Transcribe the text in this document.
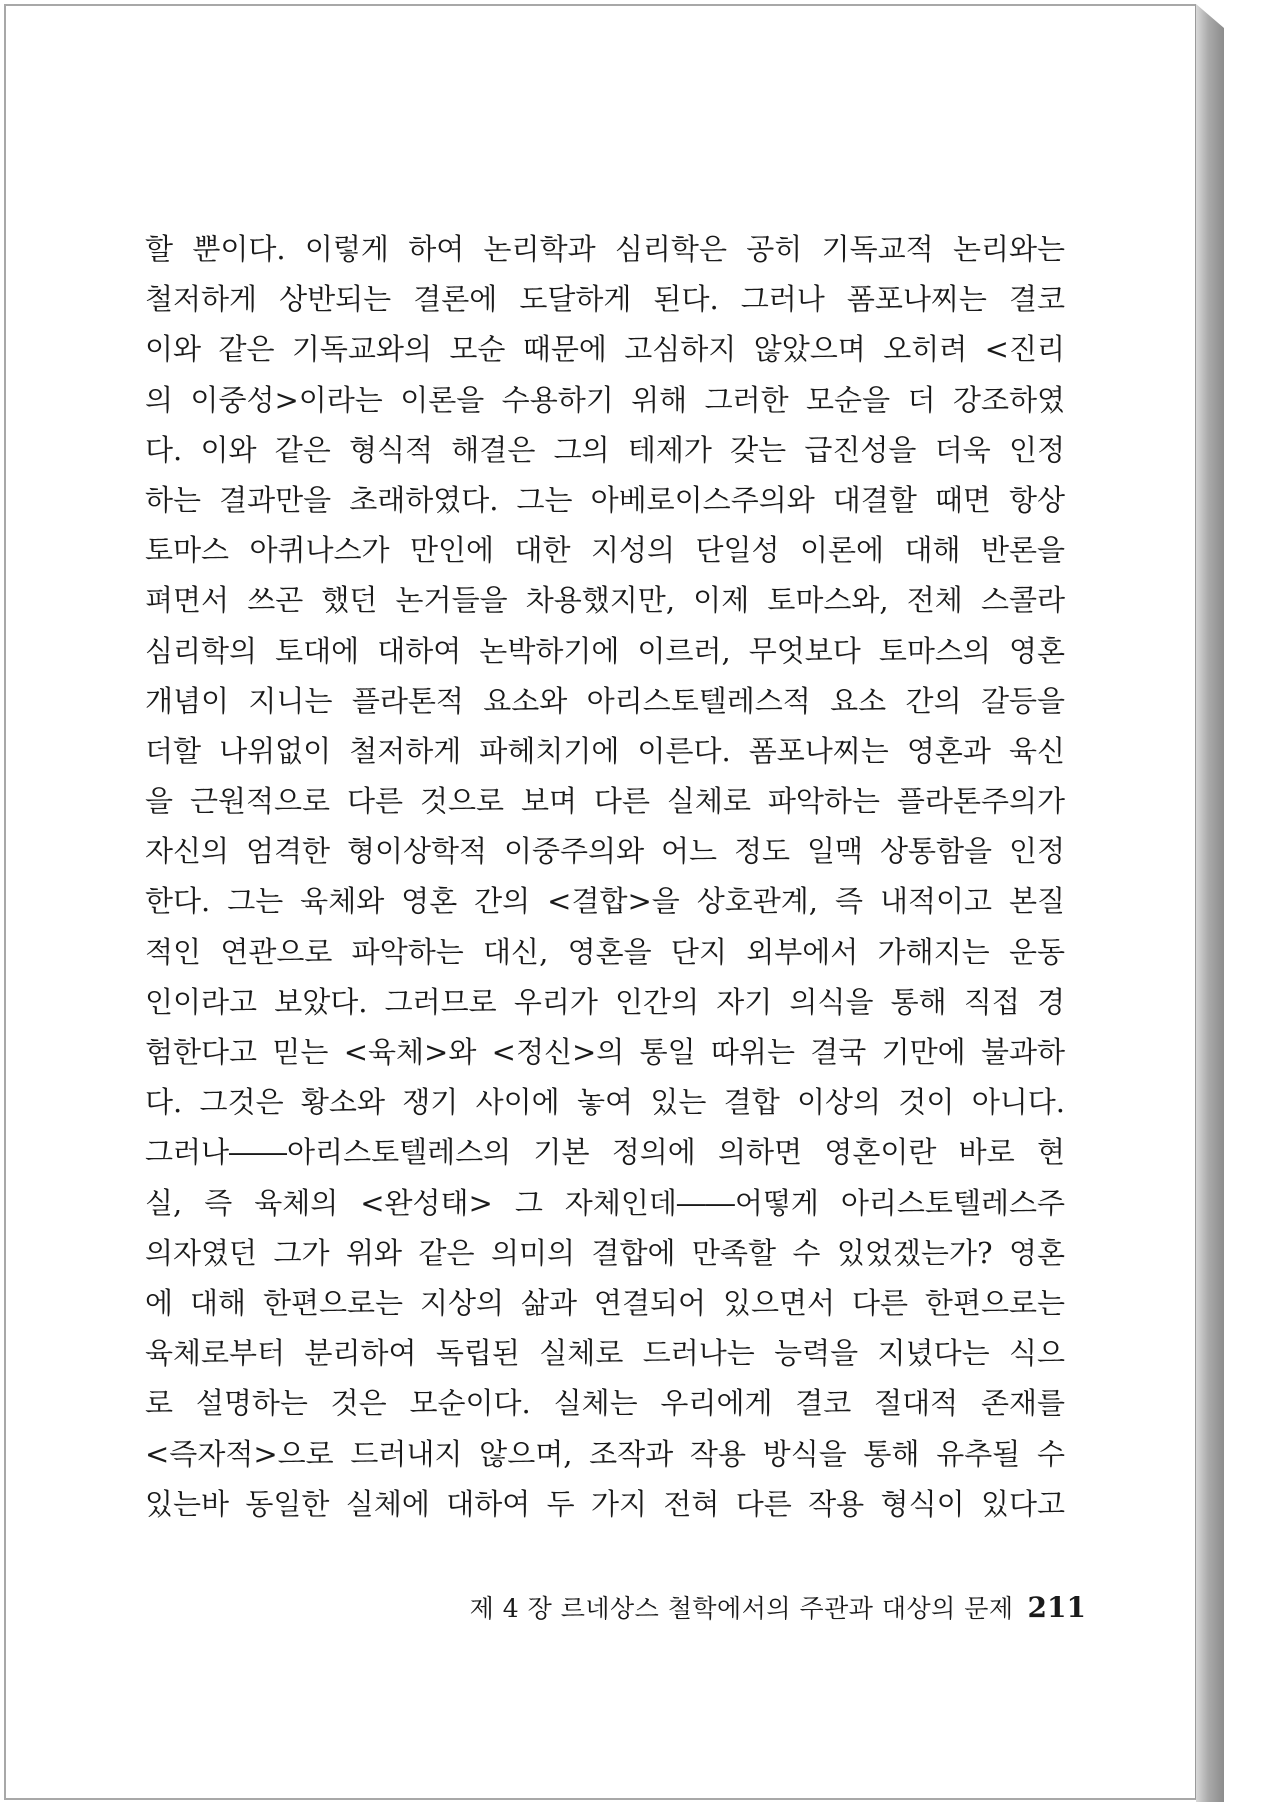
할 뿐이다. 이렇게 하여 논리학과 심리학은 공히 기독교적 논리와는
철저하게 상반되는 결론에 도달하게 된다. 그러나 폼포나찌는 결코
이와 같은 기독교와의 모순 때문에 고심하지 않았으며 오히려 <진리
의 이중성>이라는 이론을 수용하기 위해 그러한 모순을 더 강조하였
다. 이와 같은 형식적 해결은 그의 테제가 갖는 급진성을 더욱 인정
하는 결과만을 초래하였다. 그는 아베로이스주의와 대결할 때면 항상
토마스 아퀴나스가 만인에 대한 지성의 단일성 이론에 대해 반론을
펴면서 쓰곤 했던 논거들을 차용했지만, 이제 토마스와, 전체 스콜라
심리학의 토대에 대하여 논박하기에 이르러, 무엇보다 토마스의 영혼
개념이 지니는 플라톤적 요소와 아리스토텔레스적 요소 간의 갈등을
더할 나위없이 철저하게 파헤치기에 이른다. 폼포나찌는 영혼과 육신
을 근원적으로 다른 것으로 보며 다른 실체로 파악하는 플라톤주의가
자신의 엄격한 형이상학적 이중주의와 어느 정도 일맥 상통함을 인정
한다. 그는 육체와 영혼 간의 <결합>을 상호관계, 즉 내적이고 본질
적인 연관으로 파악하는 대신, 영혼을 단지 외부에서 가해지는 운동
인이라고 보았다. 그러므로 우리가 인간의 자기 의식을 통해 직접 경
험한다고 믿는 <육체>와 <정신>의 통일 따위는 결국 기만에 불과하
다. 그것은 황소와 쟁기 사이에 놓여 있는 결합 이상의 것이 아니다.
그러나――아리스토텔레스의 기본 정의에 의하면 영혼이란 바로 현
실, 즉 육체의 <완성태> 그 자체인데――어떻게 아리스토텔레스주
의자였던 그가 위와 같은 의미의 결합에 만족할 수 있었겠는가? 영혼
에 대해 한편으로는 지상의 삶과 연결되어 있으면서 다른 한편으로는
육체로부터 분리하여 독립된 실체로 드러나는 능력을 지녔다는 식으
로 설명하는 것은 모순이다. 실체는 우리에게 결코 절대적 존재를
<즉자적>으로 드러내지 않으며, 조작과 작용 방식을 통해 유추될 수
있는바 동일한 실체에 대하여 두 가지 전혀 다른 작용 형식이 있다고
제 4 장 르네상스 철학에서의 주관과 대상의 문제 211
